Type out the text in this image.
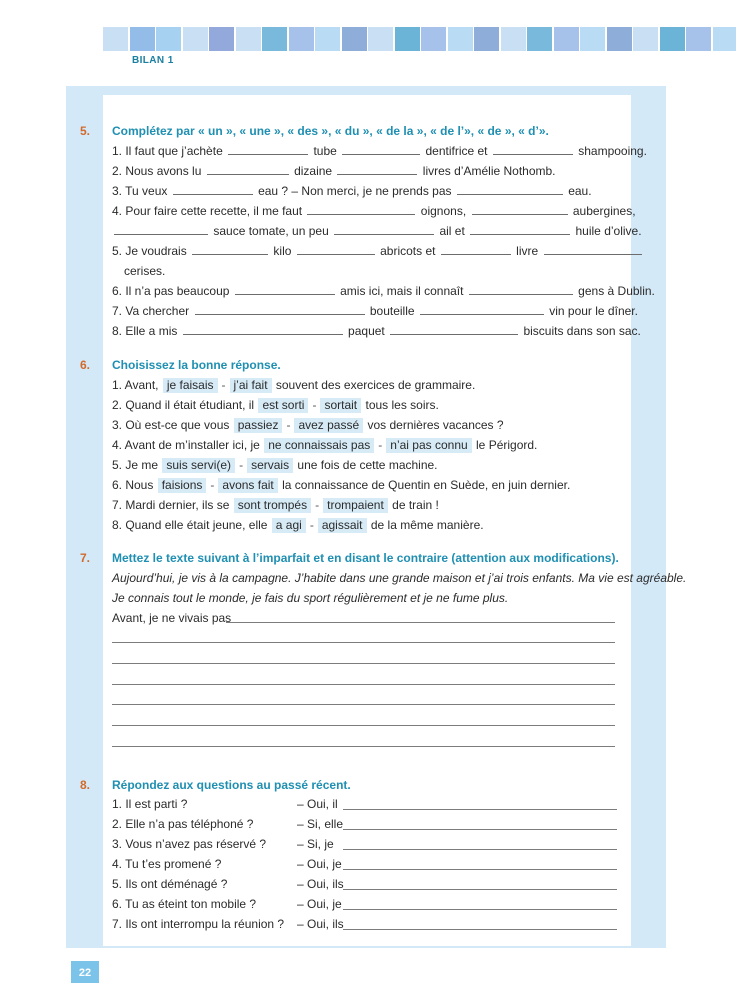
BILAN 1
5. Complétez par « un », « une », « des », « du », « de la », « de l’», « de », « d’».
1. Il faut que j’achète	tube	dentifrice et	shampooing.
2. Nous avons lu	dizaine	livres d’Amélie Nothomb.
3. Tu veux	eau ? – Non merci, je ne prends pas	eau.
4. Pour faire cette recette, il me faut	oignons,	aubergines,
sauce tomate, un peu	ail et	huile d’olive.
5. Je voudrais	kilo	abricots et	livre
cerises.
6. Il n’a pas beaucoup	amis ici, mais il connaît	gens à Dublin.
7. Va chercher	bouteille	vin pour le dîner.
8. Elle a mis	paquet	biscuits dans son sac.
6. Choisissez la bonne réponse.
1. Avant, je faisais - j’ai fait souvent des exercices de grammaire.
2. Quand il était étudiant, il est sorti - sortait tous les soirs.
3. Où est-ce que vous passiez - avez passé vos dernières vacances ?
4. Avant de m’installer ici, je ne connaissais pas - n’ai pas connu le Périgord.
5. Je me suis servi(e) - servais une fois de cette machine.
6. Nous faisions - avons fait la connaissance de Quentin en Suède, en juin dernier.
7. Mardi dernier, ils se sont trompés - trompaient de train !
8. Quand elle était jeune, elle a agi - agissait de la même manière.
7. Mettez le texte suivant à l’imparfait et en disant le contraire (attention aux modifications).
Aujourd’hui, je vis à la campagne. J’habite dans une grande maison et j’ai trois enfants. Ma vie est agréable.
Je connais tout le monde, je fais du sport régulièrement et je ne fume plus.
Avant, je ne vivais pas
8. Répondez aux questions au passé récent.
1. Il est parti ?	– Oui, il
2. Elle n’a pas téléphoné ?	– Si, elle
3. Vous n’avez pas réservé ?	– Si, je
4. Tu t’es promené ?	– Oui, je
5. Ils ont déménagé ?	– Oui, ils
6. Tu as éteint ton mobile ?	– Oui, je
7. Ils ont interrompu la réunion ? – Oui, ils
22
